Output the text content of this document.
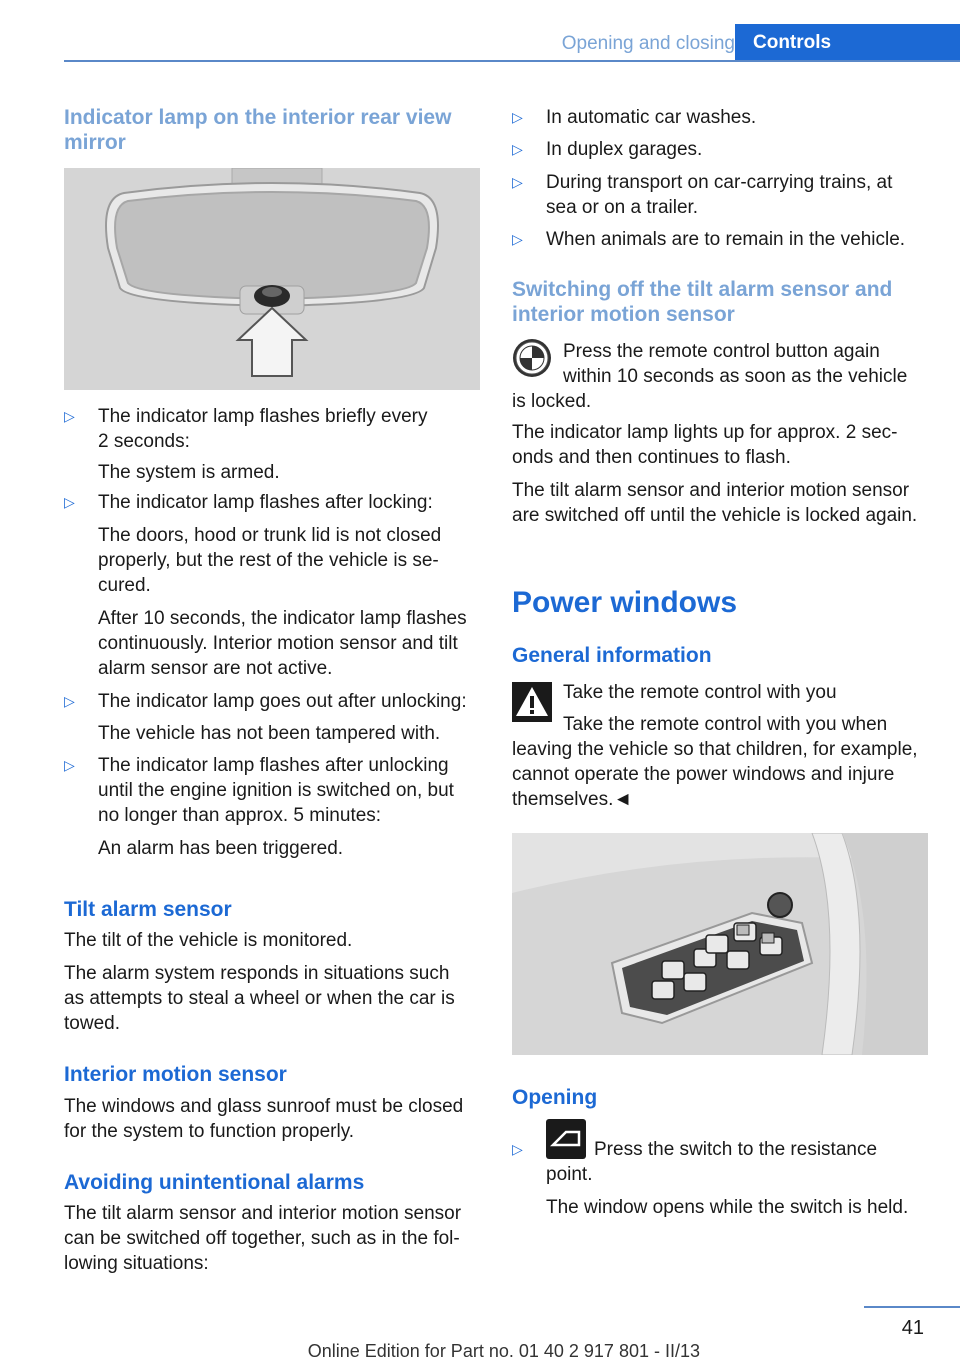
Opening and closing Controls
Indicator lamp on the interior rear view mirror
▷ The indicator lamp flashes briefly every
2 seconds:
The system is armed.
▷ The indicator lamp flashes after locking:
The doors, hood or trunk lid is not closed
properly, but the rest of the vehicle is se‐
cured.
After 10 seconds, the indicator lamp flashes
continuously. Interior motion sensor and tilt
alarm sensor are not active.
▷ The indicator lamp goes out after unlocking:
The vehicle has not been tampered with.
▷ The indicator lamp flashes after unlocking
until the engine ignition is switched on, but
no longer than approx. 5 minutes:
An alarm has been triggered.
Tilt alarm sensor
The tilt of the vehicle is monitored.
The alarm system responds in situations such
as attempts to steal a wheel or when the car is
towed.
Interior motion sensor
The windows and glass sunroof must be closed
for the system to function properly.
Avoiding unintentional alarms
The tilt alarm sensor and interior motion sensor
can be switched off together, such as in the fol‐
lowing situations:
▷ In automatic car washes.
▷ In duplex garages.
▷ During transport on car-carrying trains, at
sea or on a trailer.
▷ When animals are to remain in the vehicle.
Switching off the tilt alarm sensor and interior motion sensor
Press the remote control button again
within 10 seconds as soon as the vehicle
is locked.
The indicator lamp lights up for approx. 2 sec‐
onds and then continues to flash.
The tilt alarm sensor and interior motion sensor
are switched off until the vehicle is locked again.
Power windows
General information
Take the remote control with you
Take the remote control with you when
leaving the vehicle so that children, for example,
cannot operate the power windows and injure
themselves.◄
Opening
▷	Press the switch to the resistance
point.
The window opens while the switch is held.
41
Online Edition for Part no. 01 40 2 917 801 - II/13
